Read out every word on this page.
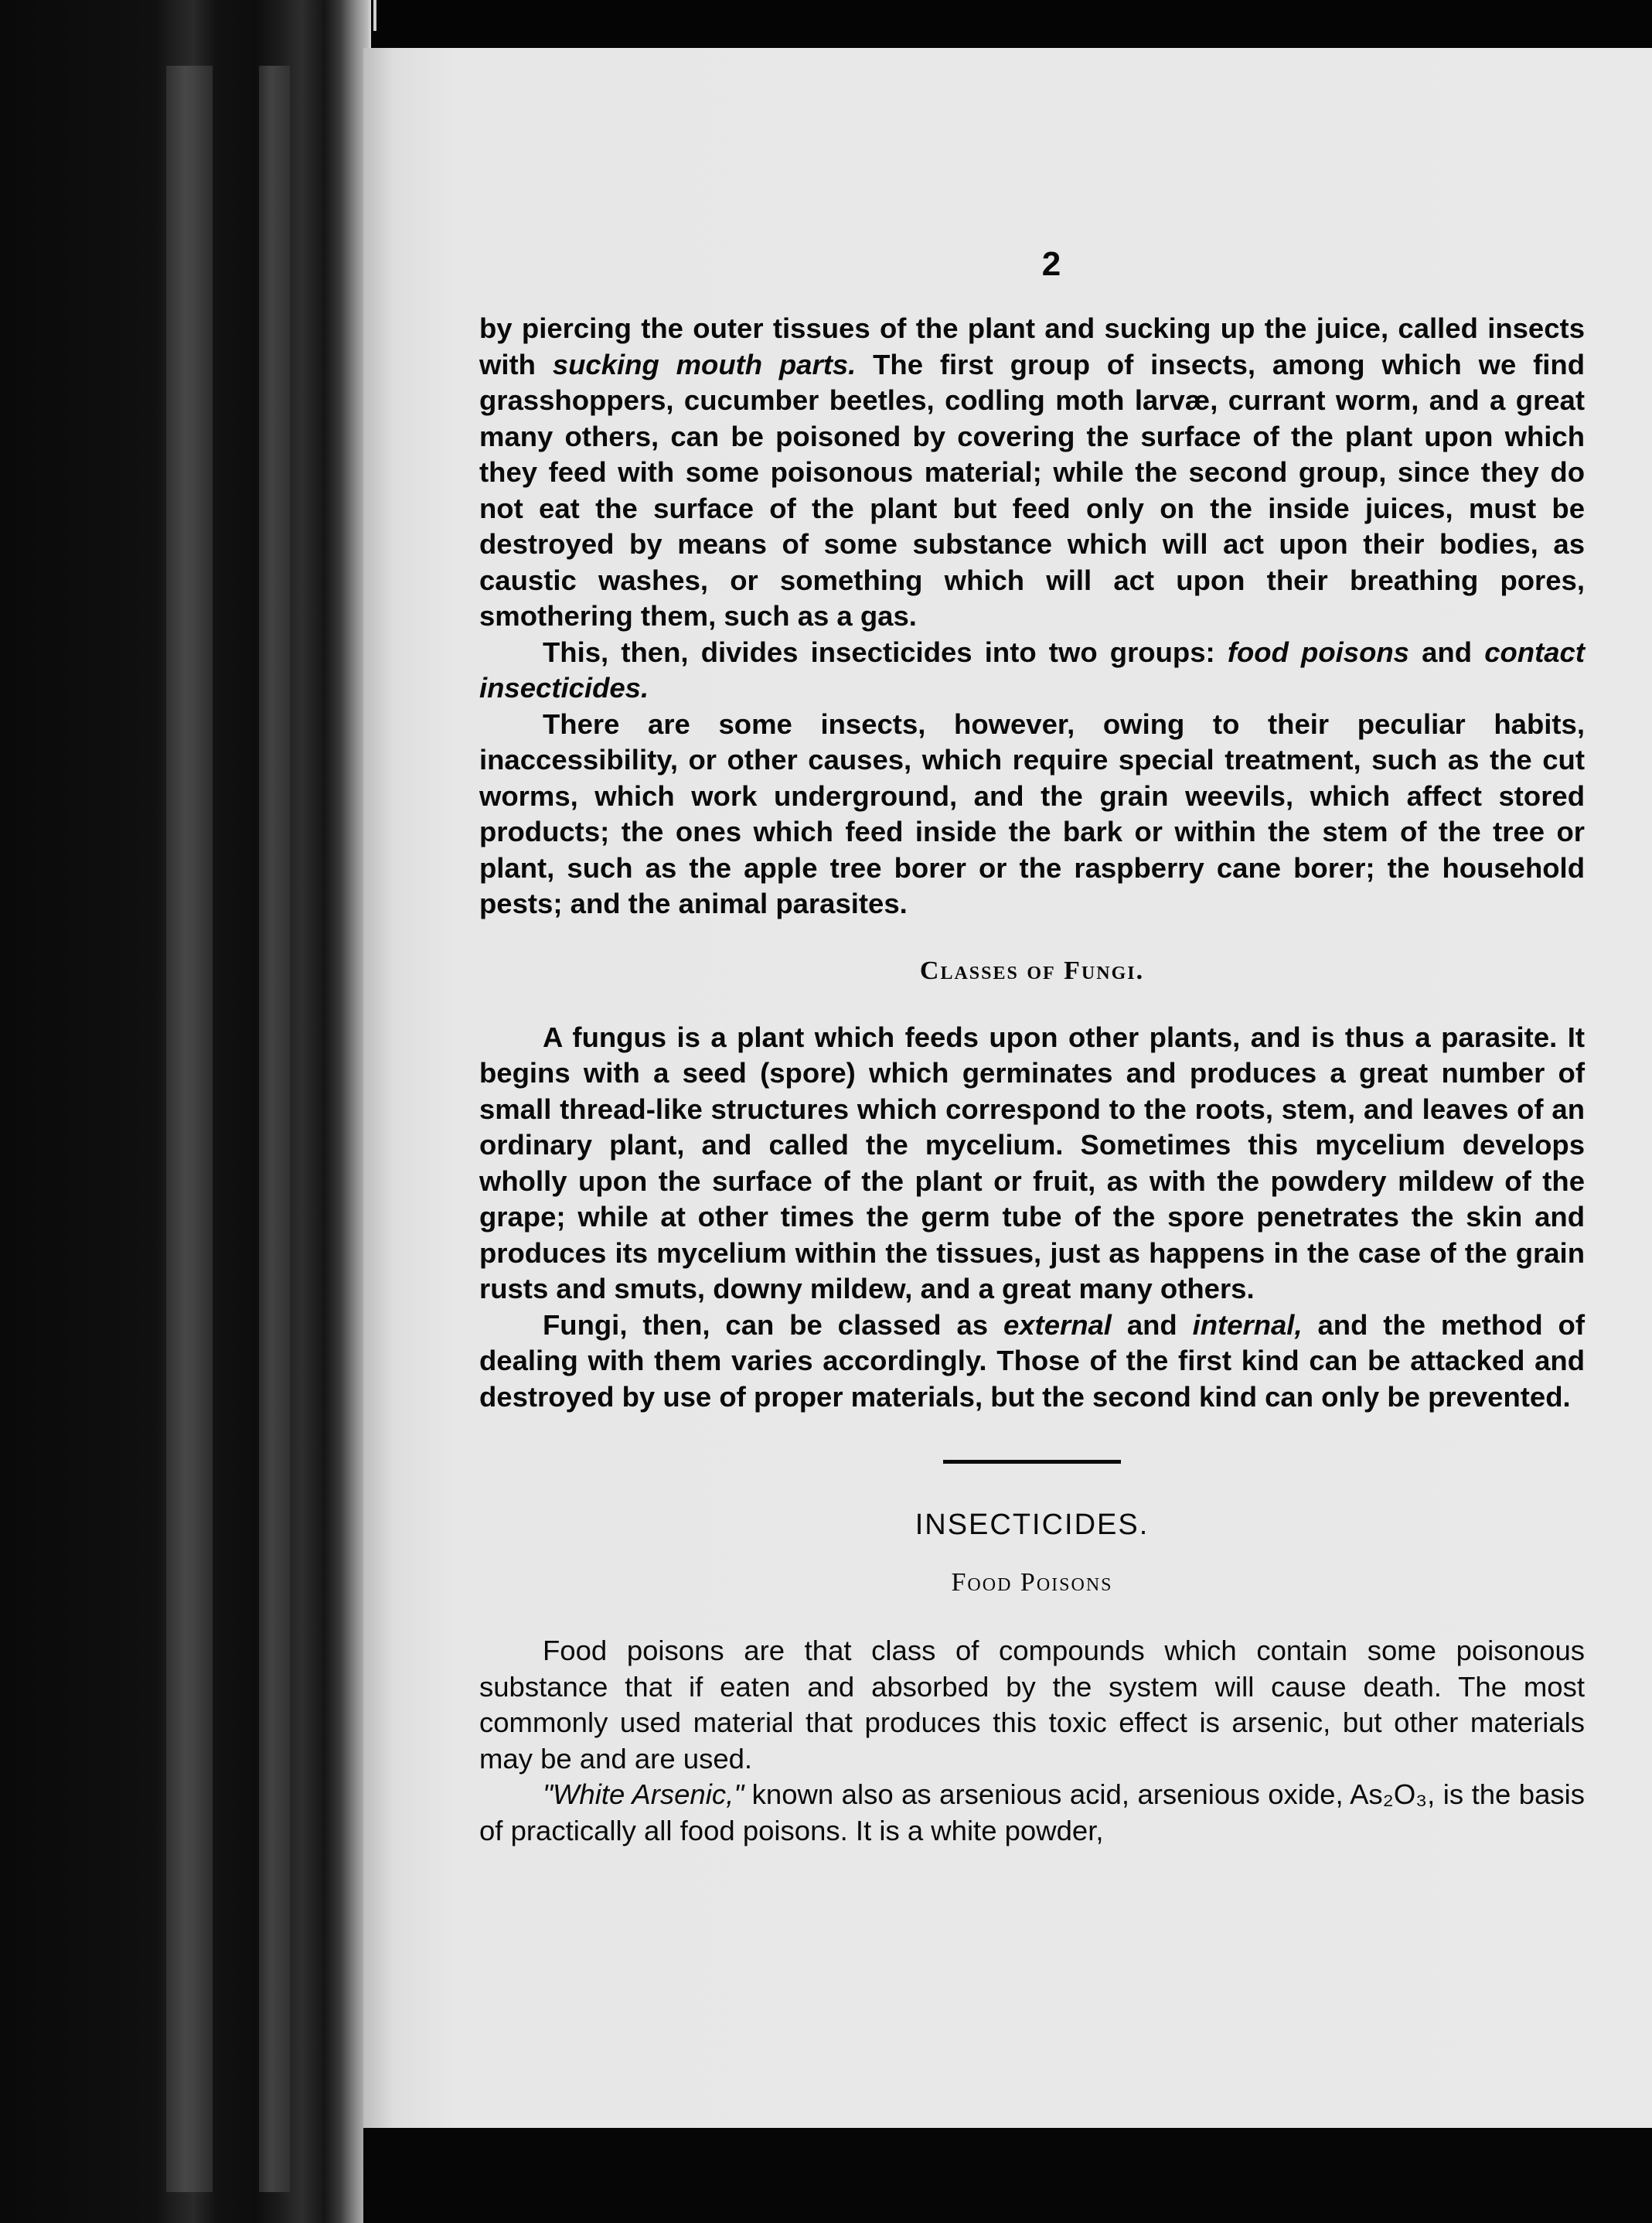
2

by piercing the outer tissues of the plant and sucking up the juice, called insects with sucking mouth parts. The first group of insects, among which we find grasshoppers, cucumber beetles, codling moth larvæ, currant worm, and a great many others, can be poisoned by covering the surface of the plant upon which they feed with some poisonous material; while the second group, since they do not eat the surface of the plant but feed only on the inside juices, must be destroyed by means of some substance which will act upon their bodies, as caustic washes, or something which will act upon their breathing pores, smothering them, such as a gas.

This, then, divides insecticides into two groups: food poisons and contact insecticides.

There are some insects, however, owing to their peculiar habits, inaccessibility, or other causes, which require special treatment, such as the cut worms, which work underground, and the grain weevils, which affect stored products; the ones which feed inside the bark or within the stem of the tree or plant, such as the apple tree borer or the raspberry cane borer; the household pests; and the animal parasites.

Classes of Fungi.

A fungus is a plant which feeds upon other plants, and is thus a parasite. It begins with a seed (spore) which germinates and produces a great number of small thread-like structures which correspond to the roots, stem, and leaves of an ordinary plant, and called the mycelium. Sometimes this mycelium develops wholly upon the surface of the plant or fruit, as with the powdery mildew of the grape; while at other times the germ tube of the spore penetrates the skin and produces its mycelium within the tissues, just as happens in the case of the grain rusts and smuts, downy mildew, and a great many others.

Fungi, then, can be classed as external and internal, and the method of dealing with them varies accordingly. Those of the first kind can be attacked and destroyed by use of proper materials, but the second kind can only be prevented.

INSECTICIDES.
Food Poisons

Food poisons are that class of compounds which contain some poisonous substance that if eaten and absorbed by the system will cause death. The most commonly used material that produces this toxic effect is arsenic, but other materials may be and are used.

"White Arsenic," known also as arsenious acid, arsenious oxide, As₂O₃, is the basis of practically all food poisons. It is a white powder,
